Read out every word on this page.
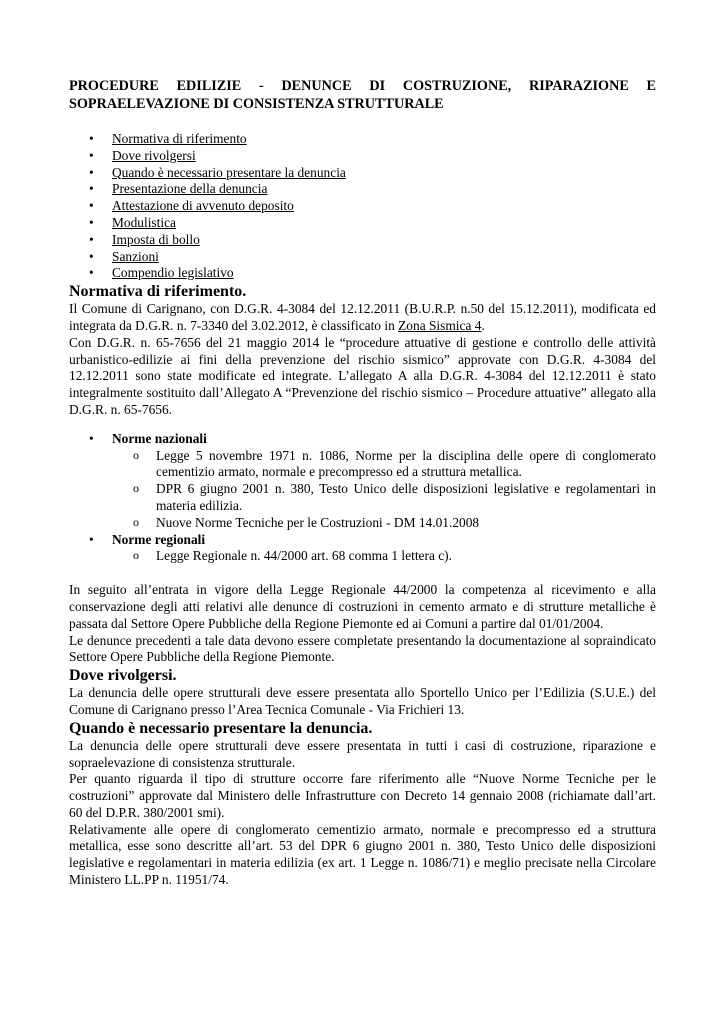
PROCEDURE EDILIZIE - DENUNCE DI COSTRUZIONE, RIPARAZIONE E SOPRAELEVAZIONE DI CONSISTENZA STRUTTURALE
• Normativa di riferimento
• Dove rivolgersi
• Quando è necessario presentare la denuncia
• Presentazione della denuncia
• Attestazione di avvenuto deposito
• Modulistica
• Imposta di bollo
• Sanzioni
• Compendio legislativo
Normativa di riferimento.

Il Comune di Carignano, con D.G.R. 4-3084 del 12.12.2011 (B.U.R.P. n.50 del 15.12.2011), modificata ed integrata da D.G.R. n. 7-3340 del 3.02.2012, è classificato in Zona Sismica 4.

Con D.G.R. n. 65-7656 del 21 maggio 2014 le “procedure attuative di gestione e controllo delle attività urbanistico-edilizie ai fini della prevenzione del rischio sismico” approvate con D.G.R. 4-3084 del 12.12.2011 sono state modificate ed integrate. L’allegato A alla D.G.R. 4-3084 del 12.12.2011 è stato integralmente sostituito dall’Allegato A “Prevenzione del rischio sismico – Procedure attuative” allegato alla D.G.R. n. 65-7656.

• Norme nazionali
o Legge 5 novembre 1971 n. 1086, Norme per la disciplina delle opere di conglomerato cementizio armato, normale e precompresso ed a struttura metallica.
o DPR 6 giugno 2001 n. 380, Testo Unico delle disposizioni legislative e regolamentari in materia edilizia.
o Nuove Norme Tecniche per le Costruzioni - DM 14.01.2008
• Norme regionali
o Legge Regionale n. 44/2000 art. 68 comma 1 lettera c).

In seguito all’entrata in vigore della Legge Regionale 44/2000 la competenza al ricevimento e alla conservazione degli atti relativi alle denunce di costruzioni in cemento armato e di strutture metalliche è passata dal Settore Opere Pubbliche della Regione Piemonte ed ai Comuni a partire dal 01/01/2004.

Le denunce precedenti a tale data devono essere completate presentando la documentazione al sopraindicato Settore Opere Pubbliche della Regione Piemonte.

Dove rivolgersi.

La denuncia delle opere strutturali deve essere presentata allo Sportello Unico per l’Edilizia (S.U.E.) del Comune di Carignano presso l’Area Tecnica Comunale - Via Frichieri 13.

Quando è necessario presentare la denuncia.

La denuncia delle opere strutturali deve essere presentata in tutti i casi di costruzione, riparazione e sopraelevazione di consistenza strutturale.

Per quanto riguarda il tipo di strutture occorre fare riferimento alle “Nuove Norme Tecniche per le costruzioni” approvate dal Ministero delle Infrastrutture con Decreto 14 gennaio 2008 (richiamate dall’art. 60 del D.P.R. 380/2001 smi).

Relativamente alle opere di conglomerato cementizio armato, normale e precompresso ed a struttura metallica, esse sono descritte all’art. 53 del DPR 6 giugno 2001 n. 380, Testo Unico delle disposizioni legislative e regolamentari in materia edilizia (ex art. 1 Legge n. 1086/71) e meglio precisate nella Circolare Ministero LL.PP n. 11951/74.
